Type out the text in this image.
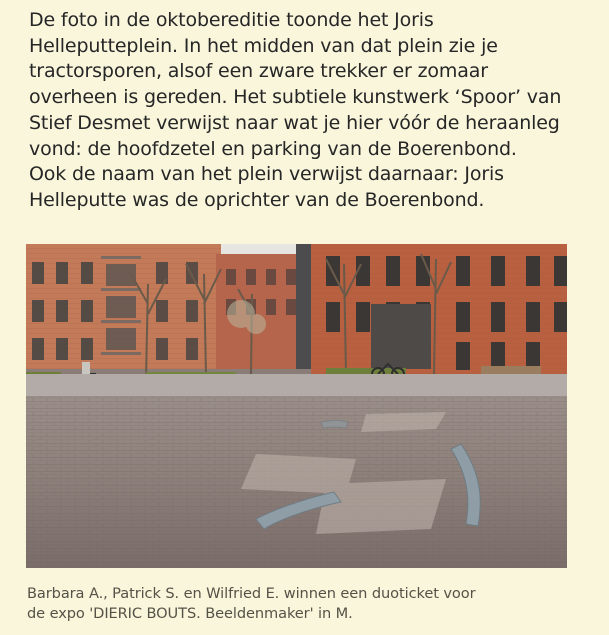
De foto in de oktobereditie toonde het Joris
Helleputteplein. In het midden van dat plein zie je
tractorsporen, alsof een zware trekker er zomaar
overheen is gereden. Het subtiele kunstwerk ‘Spoor’ van
Stief Desmet verwijst naar wat je hier vóór de heraanleg
vond: de hoofdzetel en parking van de Boerenbond.
Ook de naam van het plein verwijst daarnaar: Joris
Helleputte was de oprichter van de Boerenbond.
Barbara A., Patrick S. en Wilfried E. winnen een duoticket voor
de expo 'DIERIC BOUTS. Beeldenmaker' in M.
